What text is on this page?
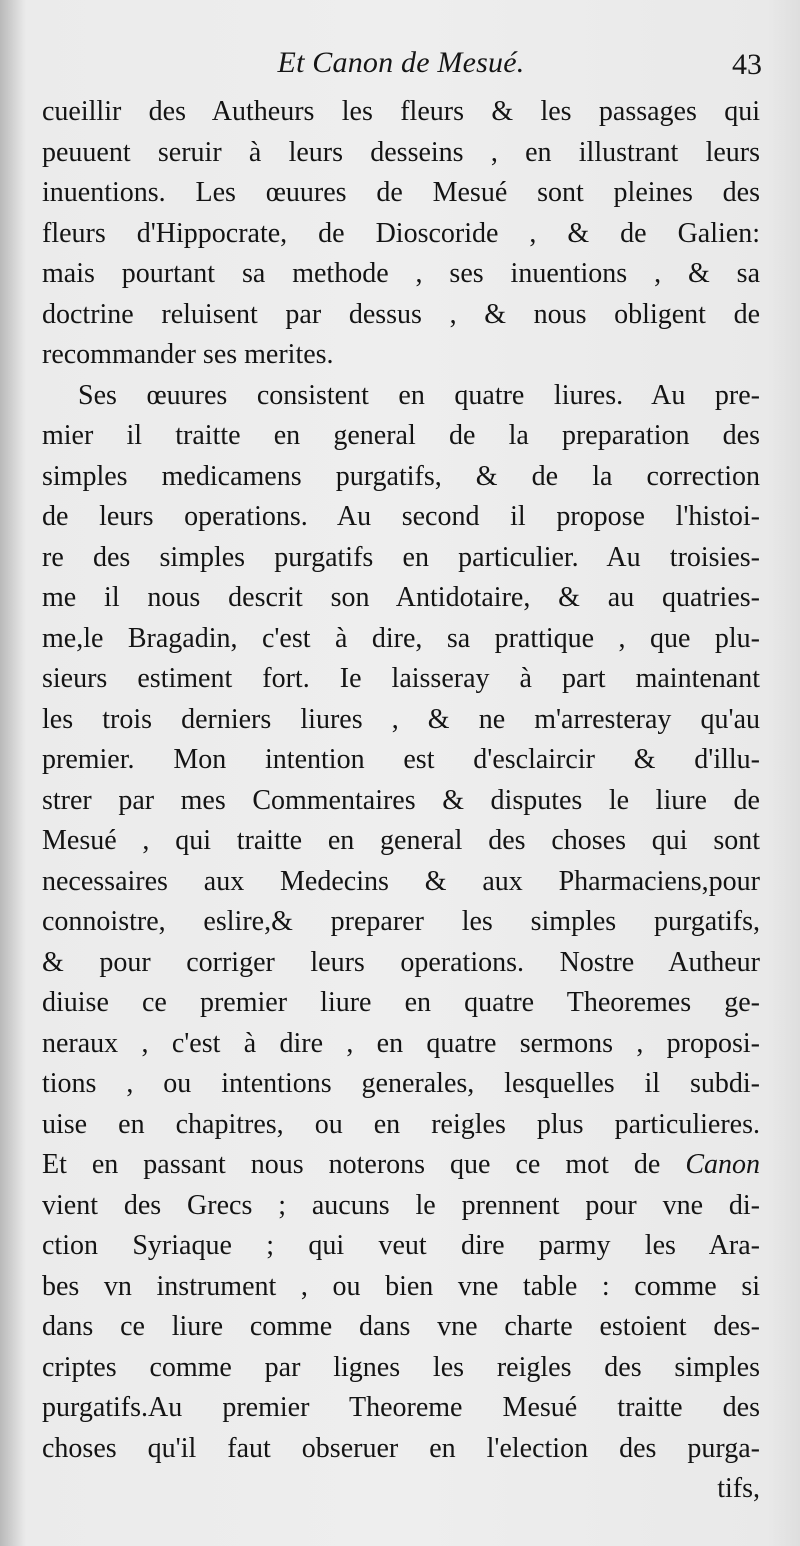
Et Canon de Mesué.	43
cueillir des Autheurs les fleurs & les passages qui
peuuent seruir à leurs desseins , en illustrant leurs
inuentions. Les œuures de Mesué sont pleines des
fleurs d'Hippocrate, de Dioscoride , & de Galien:
mais pourtant sa methode , ses inuentions , & sa
doctrine reluisent par dessus , & nous obligent de
recommander ses merites.
Ses œuures consistent en quatre liures. Au pre-
mier il traitte en general de la preparation des
simples medicamens purgatifs, & de la correction
de leurs operations. Au second il propose l'histoi-
re des simples purgatifs en particulier. Au troisies-
me il nous descrit son Antidotaire, & au quatries-
me,le Bragadin, c'est à dire, sa prattique , que plu-
sieurs estiment fort. Ie laisseray à part maintenant
les trois derniers liures , & ne m'arresteray qu'au
premier. Mon intention est d'esclaircir & d'illu-
strer par mes Commentaires & disputes le liure de
Mesué , qui traitte en general des choses qui sont
necessaires aux Medecins & aux Pharmaciens,pour
connoistre, eslire,& preparer les simples purgatifs,
& pour corriger leurs operations. Nostre Autheur
diuise ce premier liure en quatre Theoremes ge-
neraux , c'est à dire , en quatre sermons , proposi-
tions , ou intentions generales, lesquelles il subdi-
uise en chapitres, ou en reigles plus particulieres.
Et en passant nous noterons que ce mot de Canon
vient des Grecs ; aucuns le prennent pour vne di-
ction Syriaque ; qui veut dire parmy les Ara-
bes vn instrument , ou bien vne table : comme si
dans ce liure comme dans vne charte estoient des-
criptes comme par lignes les reigles des simples
purgatifs.Au premier Theoreme Mesué traitte des
choses qu'il faut obseruer en l'election des purga-
tifs,
